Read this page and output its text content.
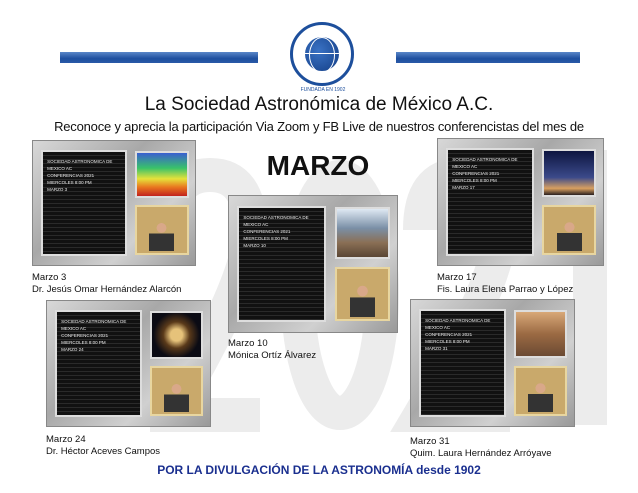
FUNDADA EN 1902
La Sociedad Astronómica de México A.C.
Reconoce y aprecia la participación Via Zoom y FB Live de nuestros conferencistas del mes de
MARZO
SOCIEDAD ASTRONOMICA DE MEXICO AC
CONFERENCIAS 2021
MIERCOLES 8:00 PM
MARZO 3
Marzo 3
Dr. Jesús Omar Hernández Alarcón
SOCIEDAD ASTRONOMICA DE MEXICO AC
CONFERENCIAS 2021
MIERCOLES 8:00 PM
MARZO 10
Marzo 10
Mónica Ortíz Álvarez
SOCIEDAD ASTRONOMICA DE MEXICO AC
CONFERENCIAS 2021
MIERCOLES 8:00 PM
MARZO 17
Marzo 17
Fis. Laura Elena Parrao y López
SOCIEDAD ASTRONOMICA DE MEXICO AC
CONFERENCIAS 2021
MIERCOLES 8:00 PM
MARZO 24
Marzo 24
Dr. Héctor Aceves Campos
SOCIEDAD ASTRONOMICA DE MEXICO AC
CONFERENCIAS 2021
MIERCOLES 8:00 PM
MARZO 31
Marzo 31
Quim. Laura Hernández Arróyave
POR LA DIVULGACIÓN DE LA ASTRONOMÍA desde 1902
